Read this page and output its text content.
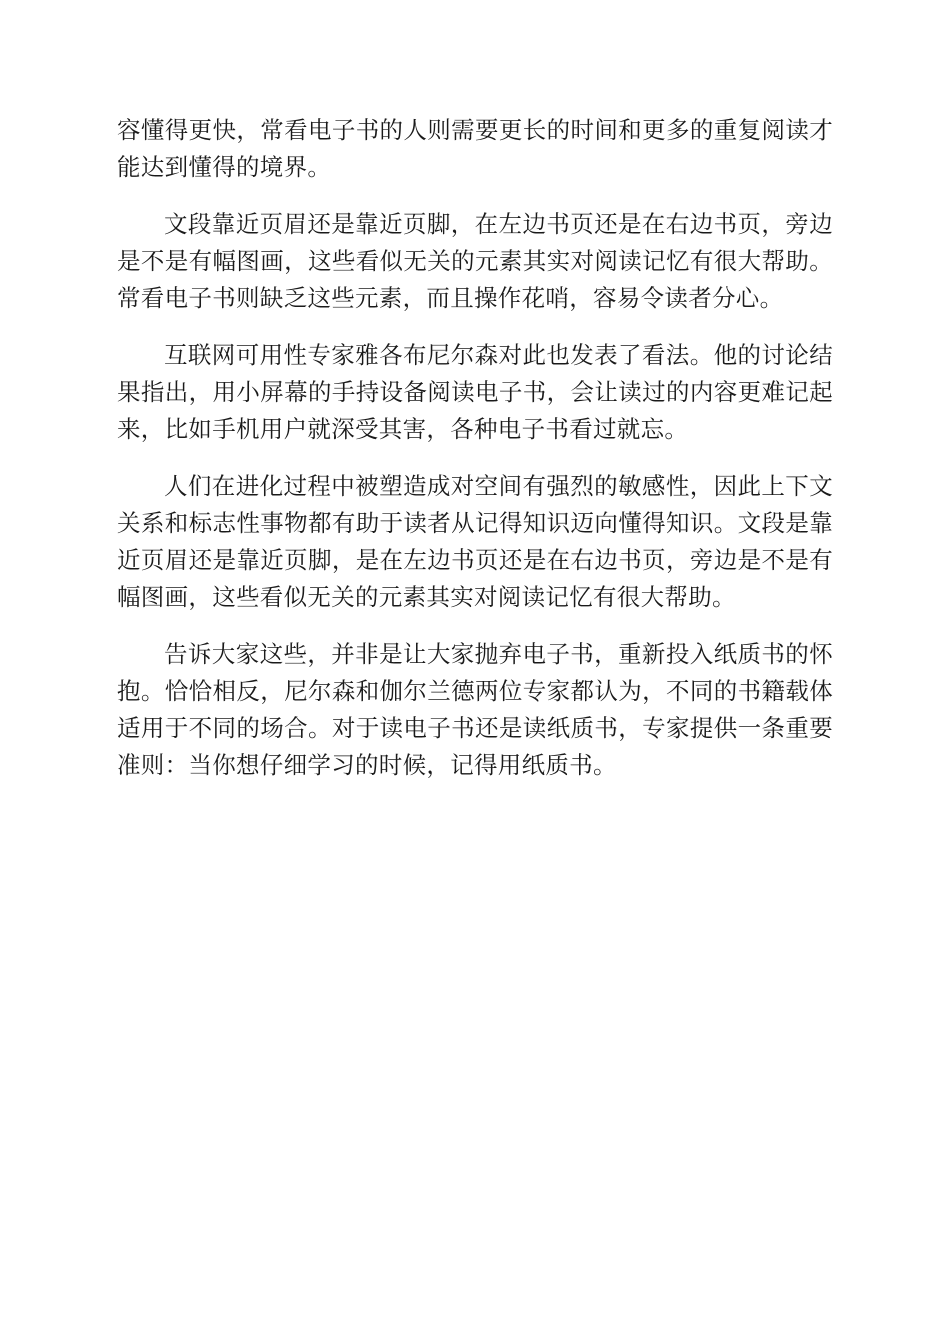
容懂得更快，常看电子书的人则需要更长的时间和更多的重复阅读才能达到懂得的境界。

文段靠近页眉还是靠近页脚，在左边书页还是在右边书页，旁边是不是有幅图画，这些看似无关的元素其实对阅读记忆有很大帮助。常看电子书则缺乏这些元素，而且操作花哨，容易令读者分心。

互联网可用性专家雅各布尼尔森对此也发表了看法。他的讨论结果指出，用小屏幕的手持设备阅读电子书，会让读过的内容更难记起来，比如手机用户就深受其害，各种电子书看过就忘。

人们在进化过程中被塑造成对空间有强烈的敏感性，因此上下文关系和标志性事物都有助于读者从记得知识迈向懂得知识。文段是靠近页眉还是靠近页脚，是在左边书页还是在右边书页，旁边是不是有幅图画，这些看似无关的元素其实对阅读记忆有很大帮助。

告诉大家这些，并非是让大家抛弃电子书，重新投入纸质书的怀抱。恰恰相反，尼尔森和伽尔兰德两位专家都认为，不同的书籍载体适用于不同的场合。对于读电子书还是读纸质书，专家提供一条重要准则：当你想仔细学习的时候，记得用纸质书。
